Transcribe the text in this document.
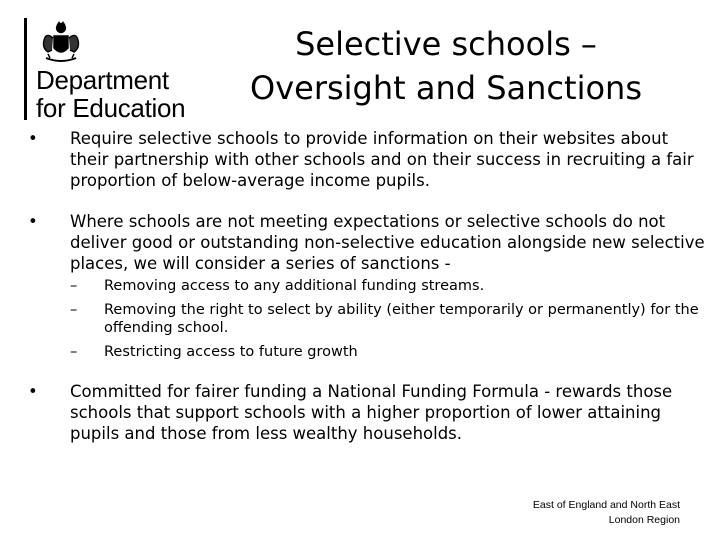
Department
for Education
Selective schools –
Oversight and Sanctions
•	Require selective schools to provide information on their websites about their partnership with other schools and on their success in recruiting a fair proportion of below-average income pupils.
•	Where schools are not meeting expectations or selective schools do not deliver good or outstanding non-selective education alongside new selective places, we will consider a series of sanctions -
– Removing access to any additional funding streams.
– Removing the right to select by ability (either temporarily or permanently) for the offending school.
– Restricting access to future growth
•	Committed for fairer funding a National Funding Formula - rewards those schools that support schools with a higher proportion of lower attaining pupils and those from less wealthy households.
East of England and North East
London Region
